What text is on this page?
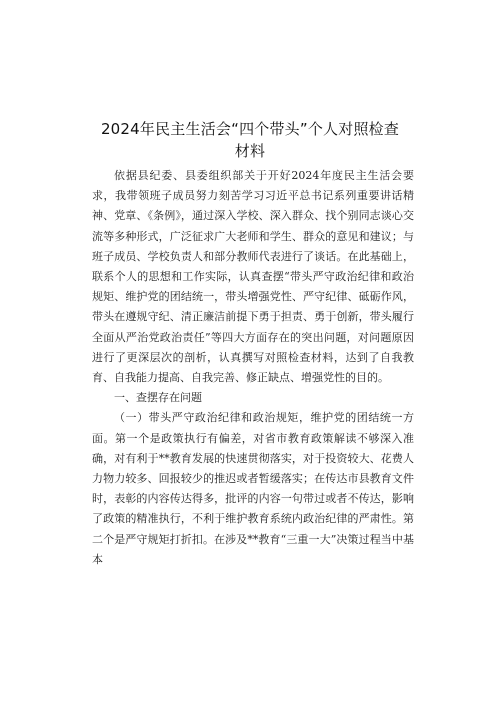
2024年民主生活会“四个带头”个人对照检查
材料

依据县纪委、县委组织部关于开好2024年度民主生活会要求，我带领班子成员努力刻苦学习习近平总书记系列重要讲话精神、党章、《条例》，通过深入学校、深入群众、找个别同志谈心交流等多种形式，广泛征求广大老师和学生、群众的意见和建议；与班子成员、学校负责人和部分教师代表进行了谈话。在此基础上，联系个人的思想和工作实际，认真查摆“带头严守政治纪律和政治规矩、维护党的团结统一，带头增强党性、严守纪律、砥砺作风，带头在遵规守纪、清正廉洁前提下勇于担责、勇于创新，带头履行全面从严治党政治责任”等四大方面存在的突出问题，对问题原因进行了更深层次的剖析，认真撰写对照检查材料，达到了自我教育、自我能力提高、自我完善、修正缺点、增强党性的目的。

一、查摆存在问题

（一）带头严守政治纪律和政治规矩，维护党的团结统一方面。第一个是政策执行有偏差，对省市教育政策解读不够深入准确，对有利于**教育发展的快速贯彻落实，对于投资较大、花费人力物力较多、回报较少的推迟或者暂缓落实；在传达市县教育文件时，表彰的内容传达得多，批评的内容一句带过或者不传达，影响了政策的精准执行，不利于维护教育系统内政治纪律的严肃性。第二个是严守规矩打折扣。在涉及**教育“三重一大”决策过程当中基本
